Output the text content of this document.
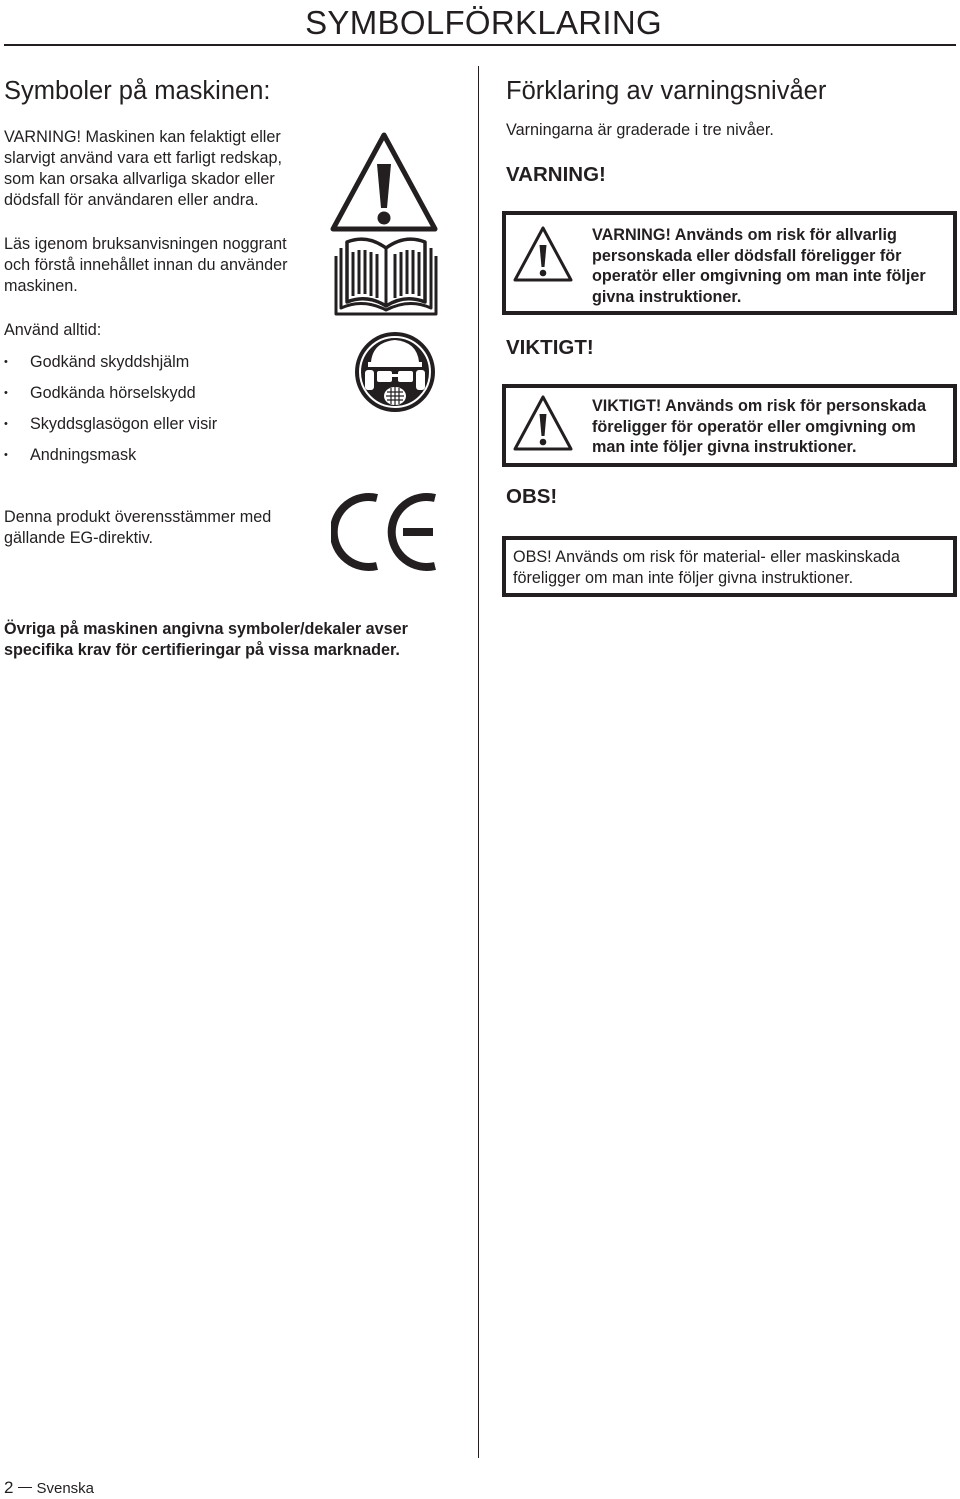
SYMBOLFÖRKLARING
Symboler på maskinen:
VARNING! Maskinen kan felaktigt eller slarvigt använd vara ett farligt redskap, som kan orsaka allvarliga skador eller dödsfall för användaren eller andra.
Läs igenom bruksanvisningen noggrant och förstå innehållet innan du använder maskinen.
Använd alltid:
• Godkänd skyddshjälm
• Godkända hörselskydd
• Skyddsglasögon eller visir
• Andningsmask
Denna produkt överensstämmer med gällande EG-direktiv.
Övriga på maskinen angivna symboler/dekaler avser specifika krav för certifieringar på vissa marknader.
Förklaring av varningsnivåer
Varningarna är graderade i tre nivåer.
VARNING!
VARNING! Används om risk för allvarlig personskada eller dödsfall föreligger för operatör eller omgivning om man inte följer givna instruktioner.
VIKTIGT!
VIKTIGT! Används om risk för personskada föreligger för operatör eller omgivning om man inte följer givna instruktioner.
OBS!
OBS! Används om risk för material- eller maskinskada föreligger om man inte följer givna instruktioner.
2 Svenska
